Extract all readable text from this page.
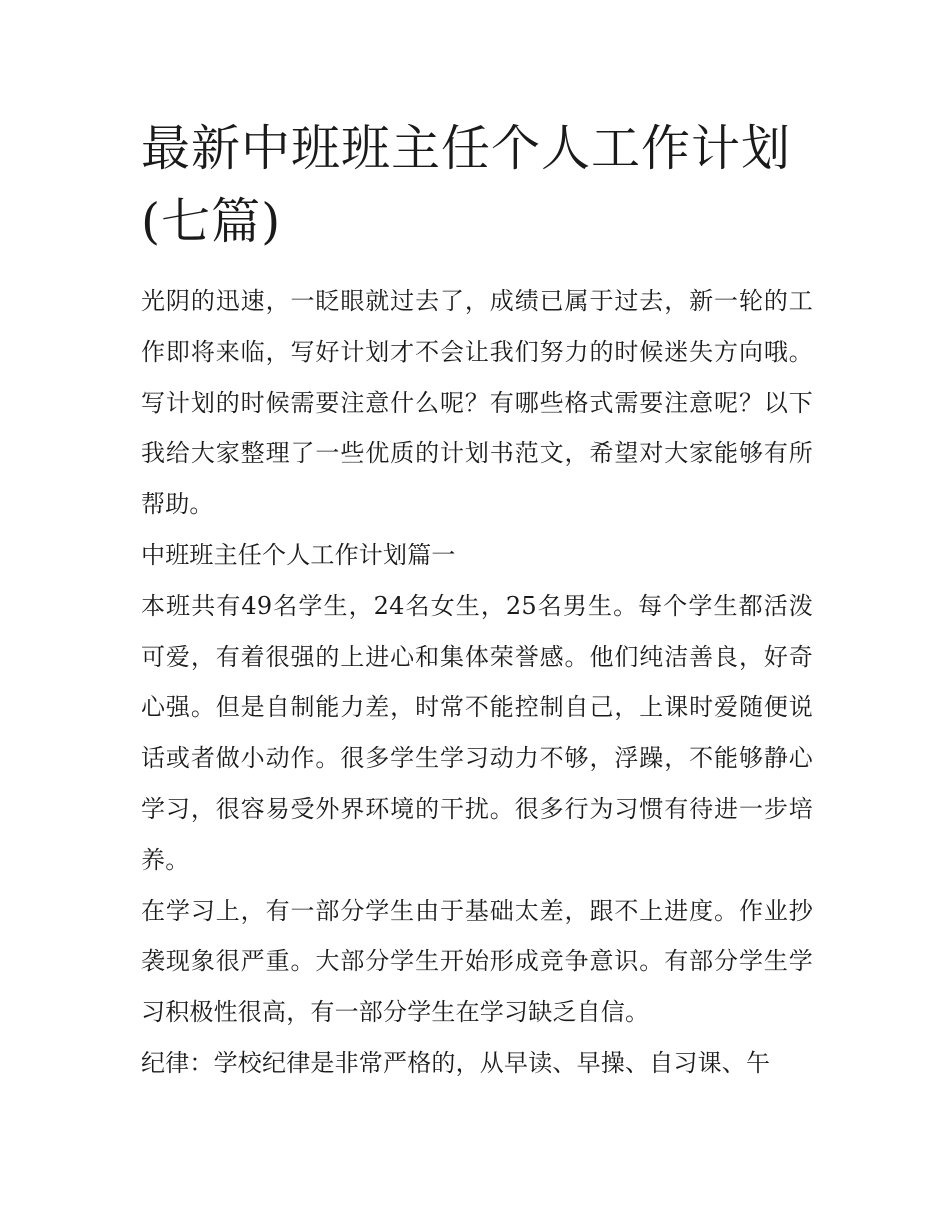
最新中班班主任个人工作计划(七篇)

光阴的迅速，一眨眼就过去了，成绩已属于过去，新一轮的工作即将来临，写好计划才不会让我们努力的时候迷失方向哦。写计划的时候需要注意什么呢？有哪些格式需要注意呢？以下我给大家整理了一些优质的计划书范文，希望对大家能够有所帮助。

中班班主任个人工作计划篇一

本班共有49名学生，24名女生，25名男生。每个学生都活泼可爱，有着很强的上进心和集体荣誉感。他们纯洁善良，好奇心强。但是自制能力差，时常不能控制自己，上课时爱随便说话或者做小动作。很多学生学习动力不够，浮躁，不能够静心学习，很容易受外界环境的干扰。很多行为习惯有待进一步培养。

在学习上，有一部分学生由于基础太差，跟不上进度。作业抄袭现象很严重。大部分学生开始形成竞争意识。有部分学生学习积极性很高，有一部分学生在学习缺乏自信。

纪律：学校纪律是非常严格的，从早读、早操、自习课、午
